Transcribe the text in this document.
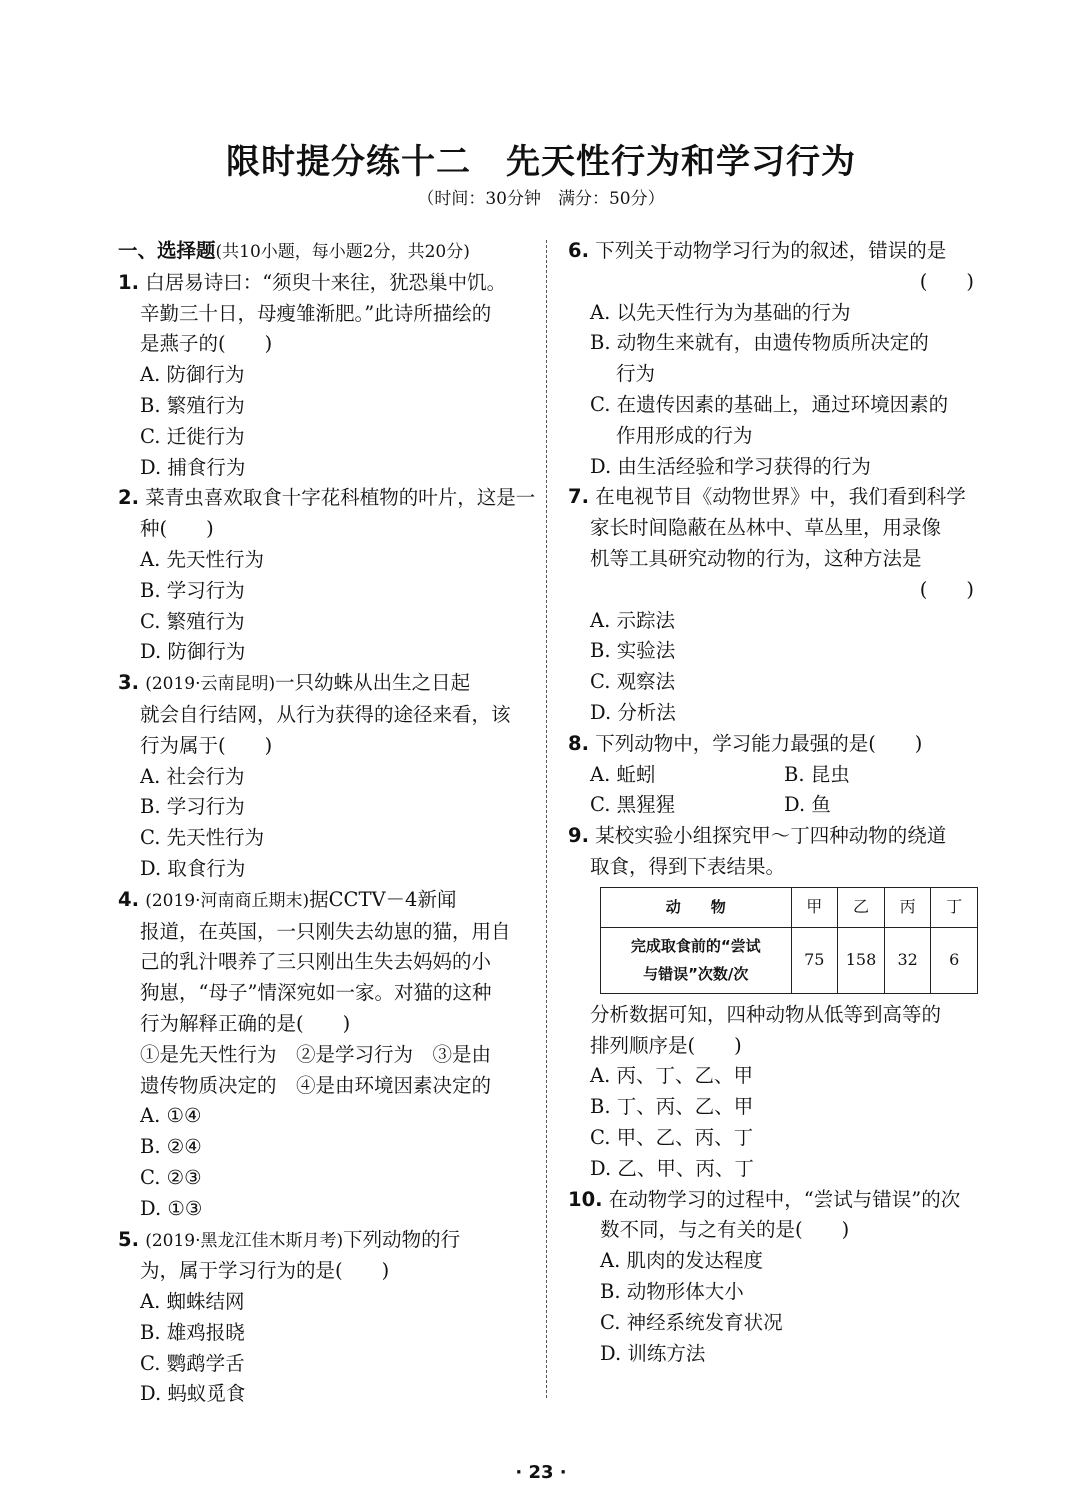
限时提分练十二　先天性行为和学习行为
（时间：30分钟　满分：50分）
一、选择题(共10小题，每小题2分，共20分)
1. 白居易诗曰：“须臾十来往，犹恐巢中饥。
辛勤三十日，母瘦雏渐肥。”此诗所描绘的
是燕子的(　　)
A. 防御行为
B. 繁殖行为
C. 迁徙行为
D. 捕食行为
2. 菜青虫喜欢取食十字花科植物的叶片，这是一
种(　　)
A. 先天性行为
B. 学习行为
C. 繁殖行为
D. 防御行为
3. (2019·云南昆明)一只幼蛛从出生之日起
就会自行结网，从行为获得的途径来看，该
行为属于(　　)
A. 社会行为
B. 学习行为
C. 先天性行为
D. 取食行为
4. (2019·河南商丘期末)据CCTV－4新闻
报道，在英国，一只刚失去幼崽的猫，用自
己的乳汁喂养了三只刚出生失去妈妈的小
狗崽，“母子”情深宛如一家。对猫的这种
行为解释正确的是(　　)
①是先天性行为　②是学习行为　③是由
遗传物质决定的　④是由环境因素决定的
A. ①④
B. ②④
C. ②③
D. ①③
5. (2019·黑龙江佳木斯月考)下列动物的行
为，属于学习行为的是(　　)
A. 蜘蛛结网
B. 雄鸡报晓
C. 鹦鹉学舌
D. 蚂蚁觅食
6. 下列关于动物学习行为的叙述，错误的是
(　　)
A. 以先天性行为为基础的行为
B. 动物生来就有，由遗传物质所决定的
行为
C. 在遗传因素的基础上，通过环境因素的
作用形成的行为
D. 由生活经验和学习获得的行为
7. 在电视节目《动物世界》中，我们看到科学
家长时间隐蔽在丛林中、草丛里，用录像
机等工具研究动物的行为，这种方法是
(　　)
A. 示踪法
B. 实验法
C. 观察法
D. 分析法
8. 下列动物中，学习能力最强的是(　　)
A. 蚯蚓	B. 昆虫
C. 黑猩猩	D. 鱼
9. 某校实验小组探究甲～丁四种动物的绕道
取食，得到下表结果。
动　　物	甲	乙	丙	丁

完成取食前的“尝试
与错误”次数/次	75	158	32	6
分析数据可知，四种动物从低等到高等的
排列顺序是(　　)
A. 丙、丁、乙、甲
B. 丁、丙、乙、甲
C. 甲、乙、丙、丁
D. 乙、甲、丙、丁
10. 在动物学习的过程中，“尝试与错误”的次
数不同，与之有关的是(　　)
A. 肌肉的发达程度
B. 动物形体大小
C. 神经系统发育状况
D. 训练方法
· 23 ·
